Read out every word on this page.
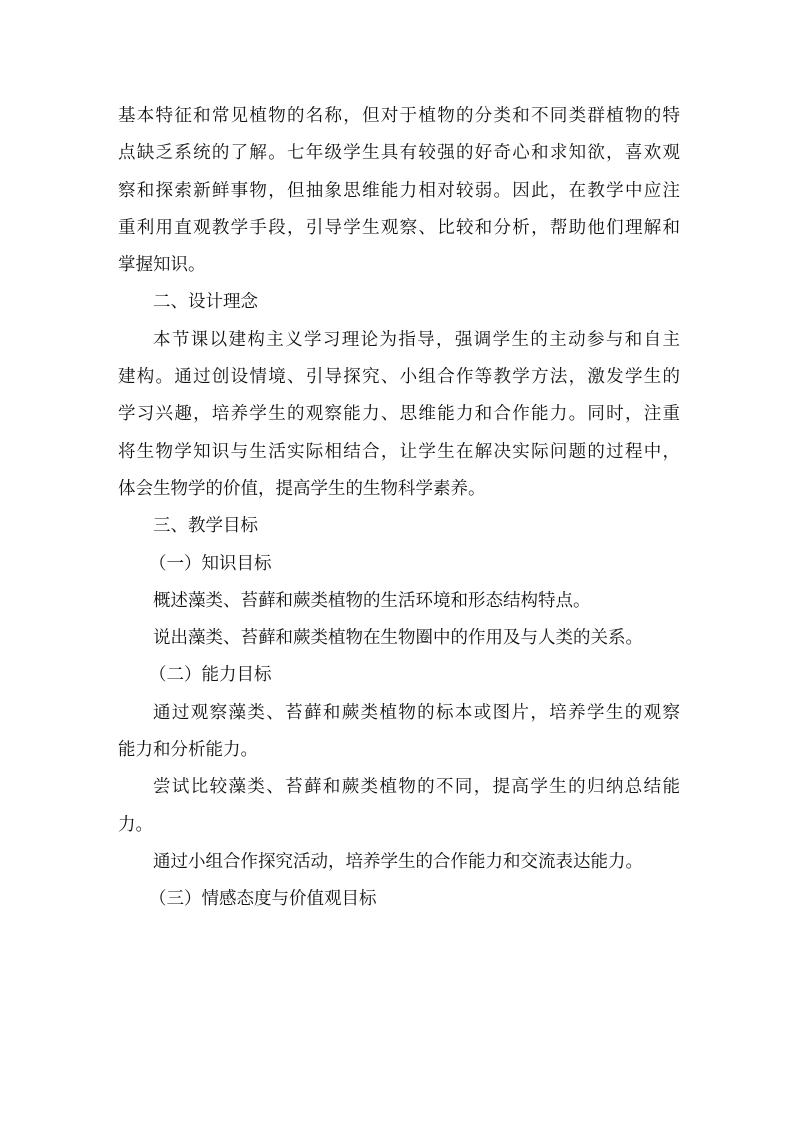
基本特征和常见植物的名称，但对于植物的分类和不同类群植物的特
点缺乏系统的了解。七年级学生具有较强的好奇心和求知欲，喜欢观
察和探索新鲜事物，但抽象思维能力相对较弱。因此，在教学中应注
重利用直观教学手段，引导学生观察、比较和分析，帮助他们理解和
掌握知识。
二、设计理念
本节课以建构主义学习理论为指导，强调学生的主动参与和自主
建构。通过创设情境、引导探究、小组合作等教学方法，激发学生的
学习兴趣，培养学生的观察能力、思维能力和合作能力。同时，注重
将生物学知识与生活实际相结合，让学生在解决实际问题的过程中，
体会生物学的价值，提高学生的生物科学素养。
三、教学目标
（一）知识目标
概述藻类、苔藓和蕨类植物的生活环境和形态结构特点。
说出藻类、苔藓和蕨类植物在生物圈中的作用及与人类的关系。
（二）能力目标
通过观察藻类、苔藓和蕨类植物的标本或图片，培养学生的观察
能力和分析能力。
尝试比较藻类、苔藓和蕨类植物的不同，提高学生的归纳总结能
力。
通过小组合作探究活动，培养学生的合作能力和交流表达能力。
（三）情感态度与价值观目标
